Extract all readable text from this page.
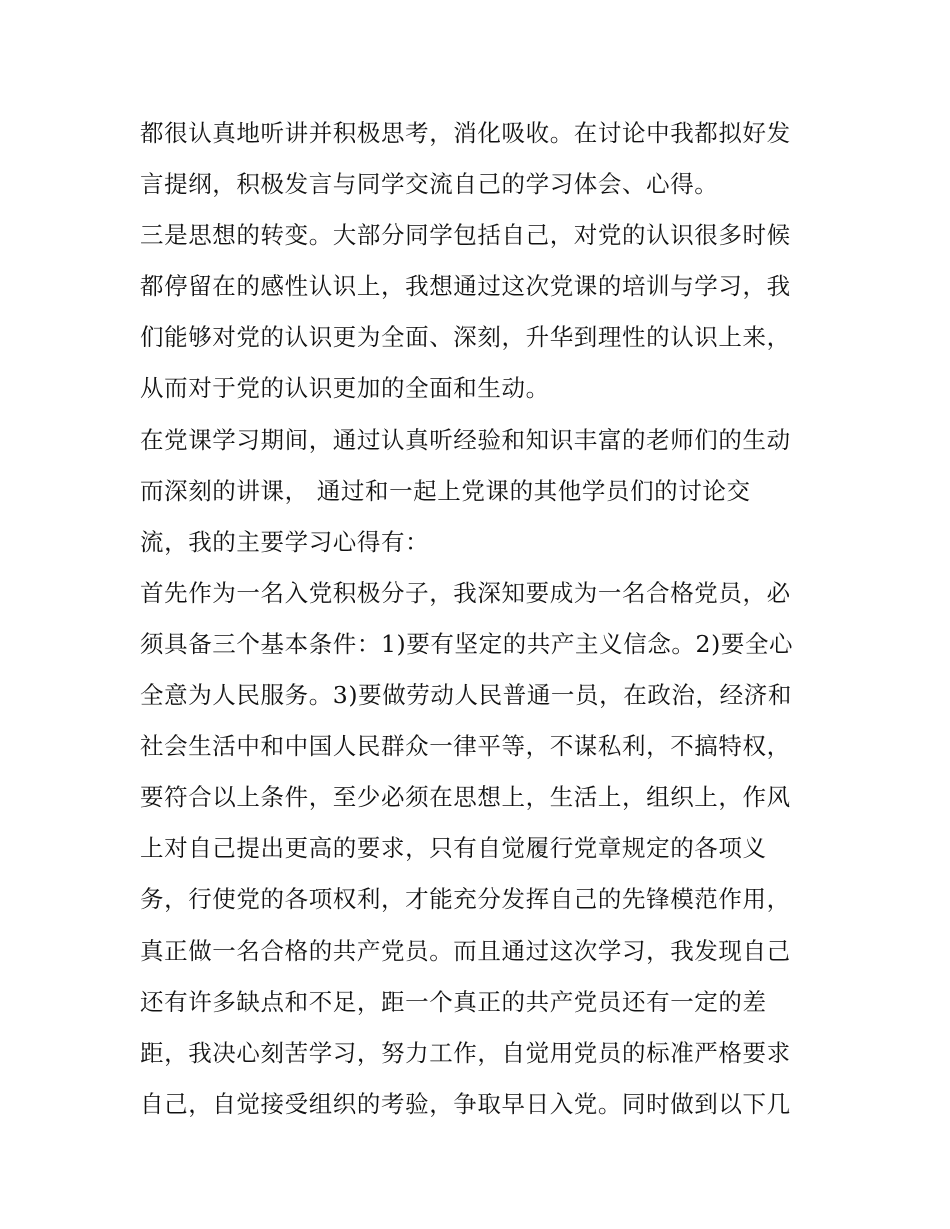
都很认真地听讲并积极思考，消化吸收。在讨论中我都拟好发
言提纲，积极发言与同学交流自己的学习体会、心得。
三是思想的转变。大部分同学包括自己，对党的认识很多时候
都停留在的感性认识上，我想通过这次党课的培训与学习，我
们能够对党的认识更为全面、深刻，升华到理性的认识上来，
从而对于党的认识更加的全面和生动。
在党课学习期间，通过认真听经验和知识丰富的老师们的生动
而深刻的讲课， 通过和一起上党课的其他学员们的讨论交
流，我的主要学习心得有：
首先作为一名入党积极分子，我深知要成为一名合格党员，必
须具备三个基本条件：1)要有坚定的共产主义信念。2)要全心
全意为人民服务。3)要做劳动人民普通一员，在政治，经济和
社会生活中和中国人民群众一律平等，不谋私利，不搞特权，
要符合以上条件，至少必须在思想上，生活上，组织上，作风
上对自己提出更高的要求，只有自觉履行党章规定的各项义
务，行使党的各项权利，才能充分发挥自己的先锋模范作用，
真正做一名合格的共产党员。而且通过这次学习，我发现自己
还有许多缺点和不足，距一个真正的共产党员还有一定的差
距，我决心刻苦学习，努力工作，自觉用党员的标准严格要求
自己，自觉接受组织的考验，争取早日入党。同时做到以下几
